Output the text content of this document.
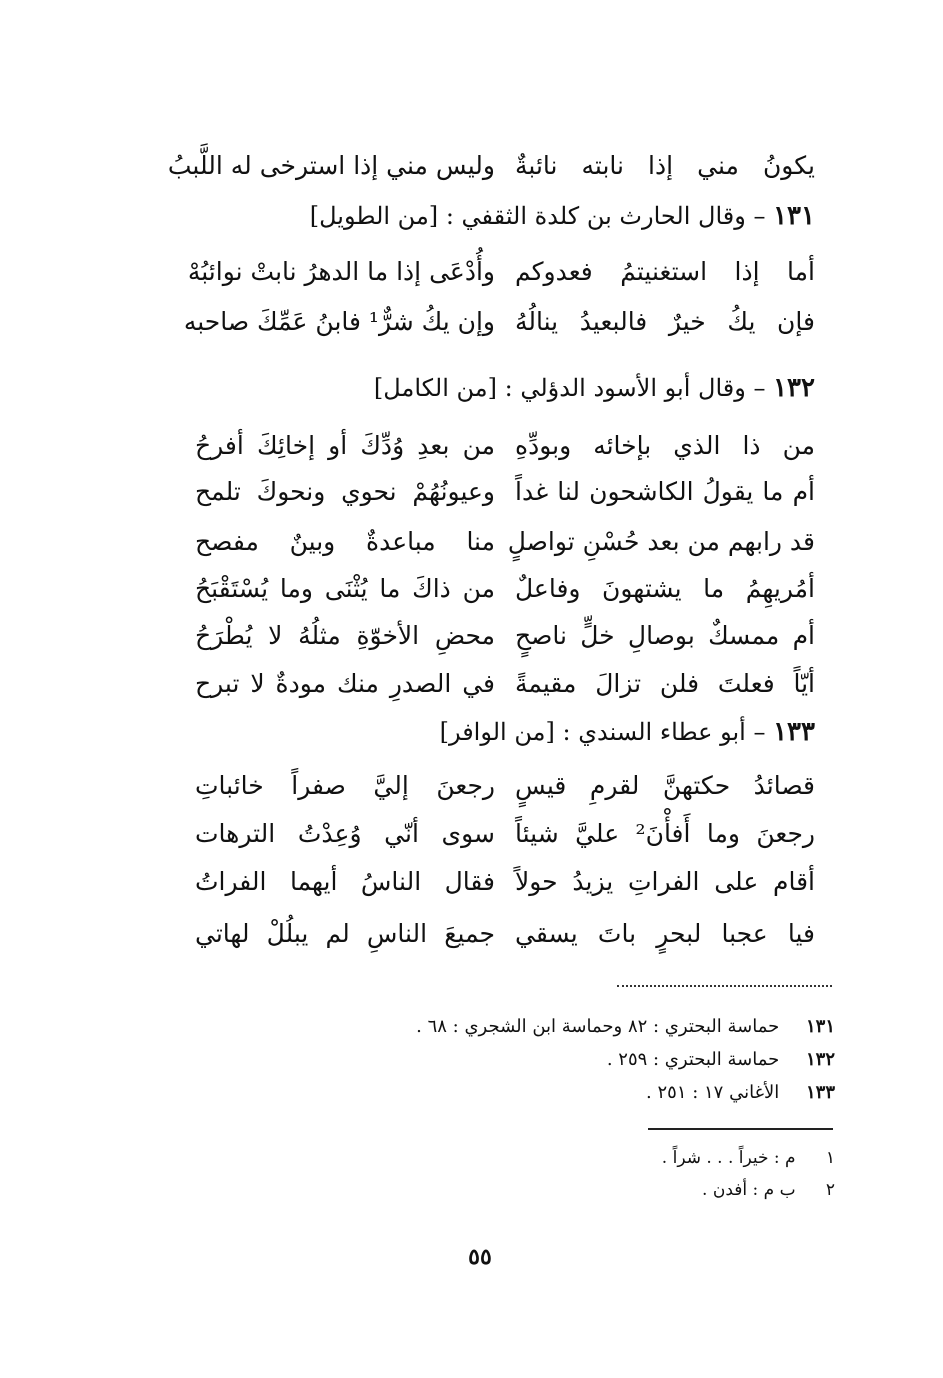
يكونُ مني إذا نابته نائبةٌ
وليس مني إذا استرخى له اللَّببُ
١٣١ – وقال الحارث بن كلدة الثقفي : [من الطويل]
أما إذا استغنيتمُ فعدوكم
وأُدْعَى إذا ما الدهرُ نابتْ نوائبُهْ
فإن يكُ خيرٌ فالبعيدُ ينالُهُ
وإن يكُ شرٌّ¹ فابنُ عَمِّكَ صاحبه
١٣٢ – وقال أبو الأسود الدؤلي : [من الكامل]
من ذا الذي بإخائه وبودِّهِ
من بعدِ وُدِّكَ أو إخائِكَ أفرحُ
أم ما يقولُ الكاشحون لنا غداً
وعيونُهُمْ نحوي ونحوكَ تلمح
قد رابهم من بعد حُسْنِ تواصلٍ
منا مباعدةٌ وبينٌ مفصح
أمُريهِمُ ما يشتهونَ وفاعلٌ
من ذاكَ ما يُثْنَى وما يُسْتَقْبَحُ
أم ممسكٌ بوصالِ خلٍّ ناصحٍ
محضِ الأخوّةِ مثلُهُ لا يُطْرَحُ
أيّاً فعلتَ فلن تزالَ مقيمةً
في الصدرِ منك مودةٌ لا تبرح
١٣٣ – أبو عطاء السندي : [من الوافر]
قصائدُ حكتهنَّ لقرمِ قيسٍ
رجعنَ إليَّ صفراً خائباتِ
رجعنَ وما أَفأْنَ² عليَّ شيئاً
سوى أنّي وُعِدْتُ الترهات
أقام على الفراتِ يزيدُ حولاً
فقال الناسُ أيهما الفراتُ
فيا عجبا لبحرٍ باتَ يسقي
جميعَ الناسِ لم يبلُلْ لهاتي
١٣١ حماسة البحتري : ٨٢ وحماسة ابن الشجري : ٦٨ .
١٣٢ حماسة البحتري : ٢٥٩ .
١٣٣ الأغاني ١٧ : ٢٥١ .
١ م : خيراً . . . شراً .
٢ ب م : أفدن .
٥٥
